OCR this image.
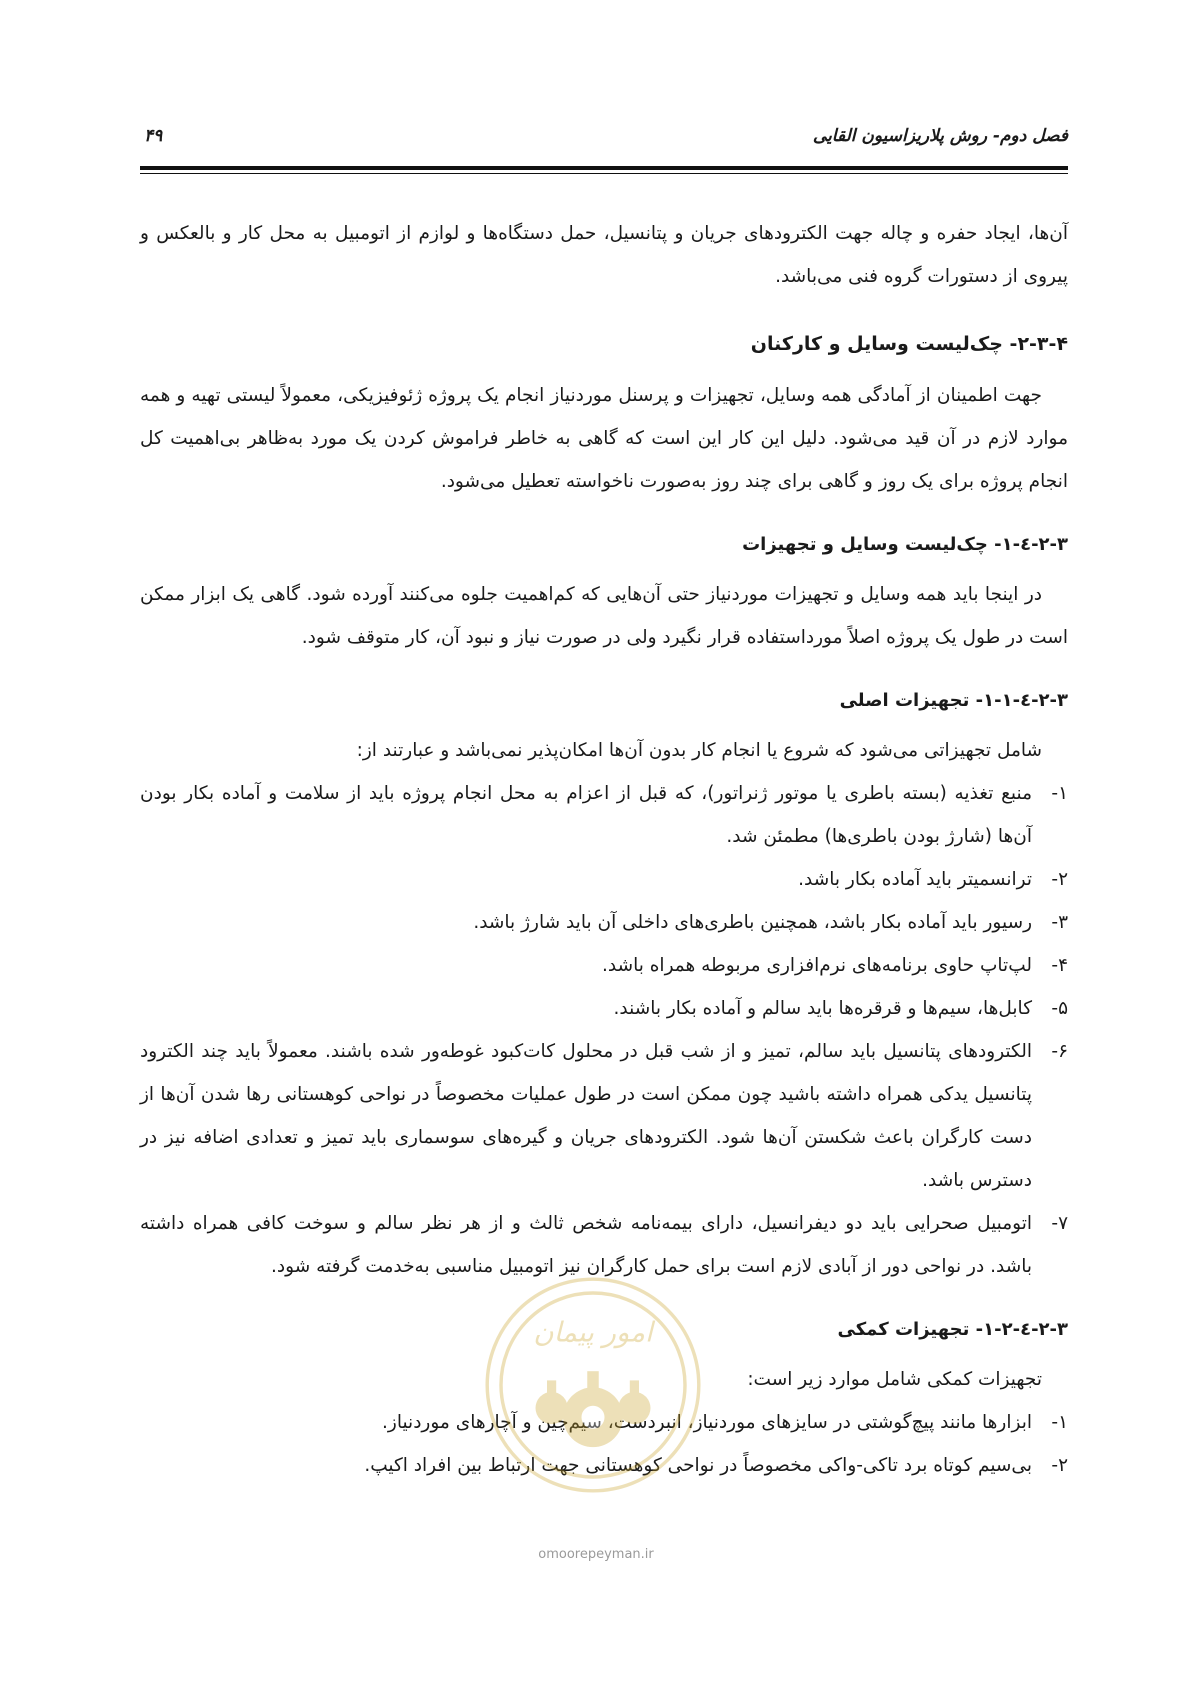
فصل دوم- روش پلاریزاسیون القایی
۴۹

آن‌ها، ایجاد حفره و چاله جهت الکترودهای جریان و پتانسیل، حمل دستگاه‌ها و لوازم از اتومبیل به محل کار و بالعکس و پیروی از دستورات گروه فنی می‌باشد.

۲-۳-۴- چک‌لیست وسایل و کارکنان

جهت اطمینان از آمادگی همه وسایل، تجهیزات و پرسنل موردنیاز انجام یک پروژه ژئوفیزیکی، معمولاً لیستی تهیه و همه موارد لازم در آن قید می‌شود. دلیل این کار این است که گاهی به خاطر فراموش کردن یک مورد به‌ظاهر بی‌اهمیت کل انجام پروژه برای یک روز و گاهی برای چند روز به‌صورت ناخواسته تعطیل می‌شود.

۲-۳-٤-۱- چک‌لیست وسایل و تجهیزات

در اینجا باید همه وسایل و تجهیزات موردنیاز حتی آن‌هایی که کم‌اهمیت جلوه می‌کنند آورده شود. گاهی یک ابزار ممکن است در طول یک پروژه اصلاً مورداستفاده قرار نگیرد ولی در صورت نیاز و نبود آن، کار متوقف شود.

۲-۳-٤-۱-۱- تجهیزات اصلی

شامل تجهیزاتی می‌شود که شروع یا انجام کار بدون آن‌ها امکان‌پذیر نمی‌باشد و عبارتند از:

۱-
منبع تغذیه (بسته باطری یا موتور ژنراتور)، که قبل از اعزام به محل انجام پروژه باید از سلامت و آماده بکار بودن آن‌ها (شارژ بودن باطری‌ها) مطمئن شد.
۲-
ترانسمیتر باید آماده بکار باشد.
۳-
رسیور باید آماده بکار باشد، همچنین باطری‌های داخلی آن باید شارژ باشد.
۴-
لپ‌تاپ حاوی برنامه‌های نرم‌افزاری مربوطه همراه باشد.
۵-
کابل‌ها، سیم‌ها و قرقره‌ها باید سالم و آماده بکار باشند.
۶-
الکترودهای پتانسیل باید سالم، تمیز و از شب قبل در محلول کات‌کبود غوطه‌ور شده باشند. معمولاً باید چند الکترود پتانسیل یدکی همراه داشته باشید چون ممکن است در طول عملیات مخصوصاً در نواحی کوهستانی رها شدن آن‌ها از دست کارگران باعث شکستن آن‌ها شود. الکترودهای جریان و گیره‌های سوسماری باید تمیز و تعدادی اضافه نیز در دسترس باشد.
۷-
اتومبیل صحرایی باید دو دیفرانسیل، دارای بیمه‌نامه شخص ثالث و از هر نظر سالم و سوخت کافی همراه داشته باشد. در نواحی دور از آبادی لازم است برای حمل کارگران نیز اتومبیل مناسبی به‌خدمت گرفته شود.
۲-۳-٤-۱-۲- تجهیزات کمکی

تجهیزات کمکی شامل موارد زیر است:

۱-
ابزارها مانند پیچ‌گوشتی در سایزهای موردنیاز، انبردست، سیم‌چین و آچارهای موردنیاز.
۲-
بی‌سیم کوتاه برد تاکی-واکی مخصوصاً در نواحی کوهستانی جهت ارتباط بین افراد اکیپ.
امور پیمان
omoorepeyman.ir
